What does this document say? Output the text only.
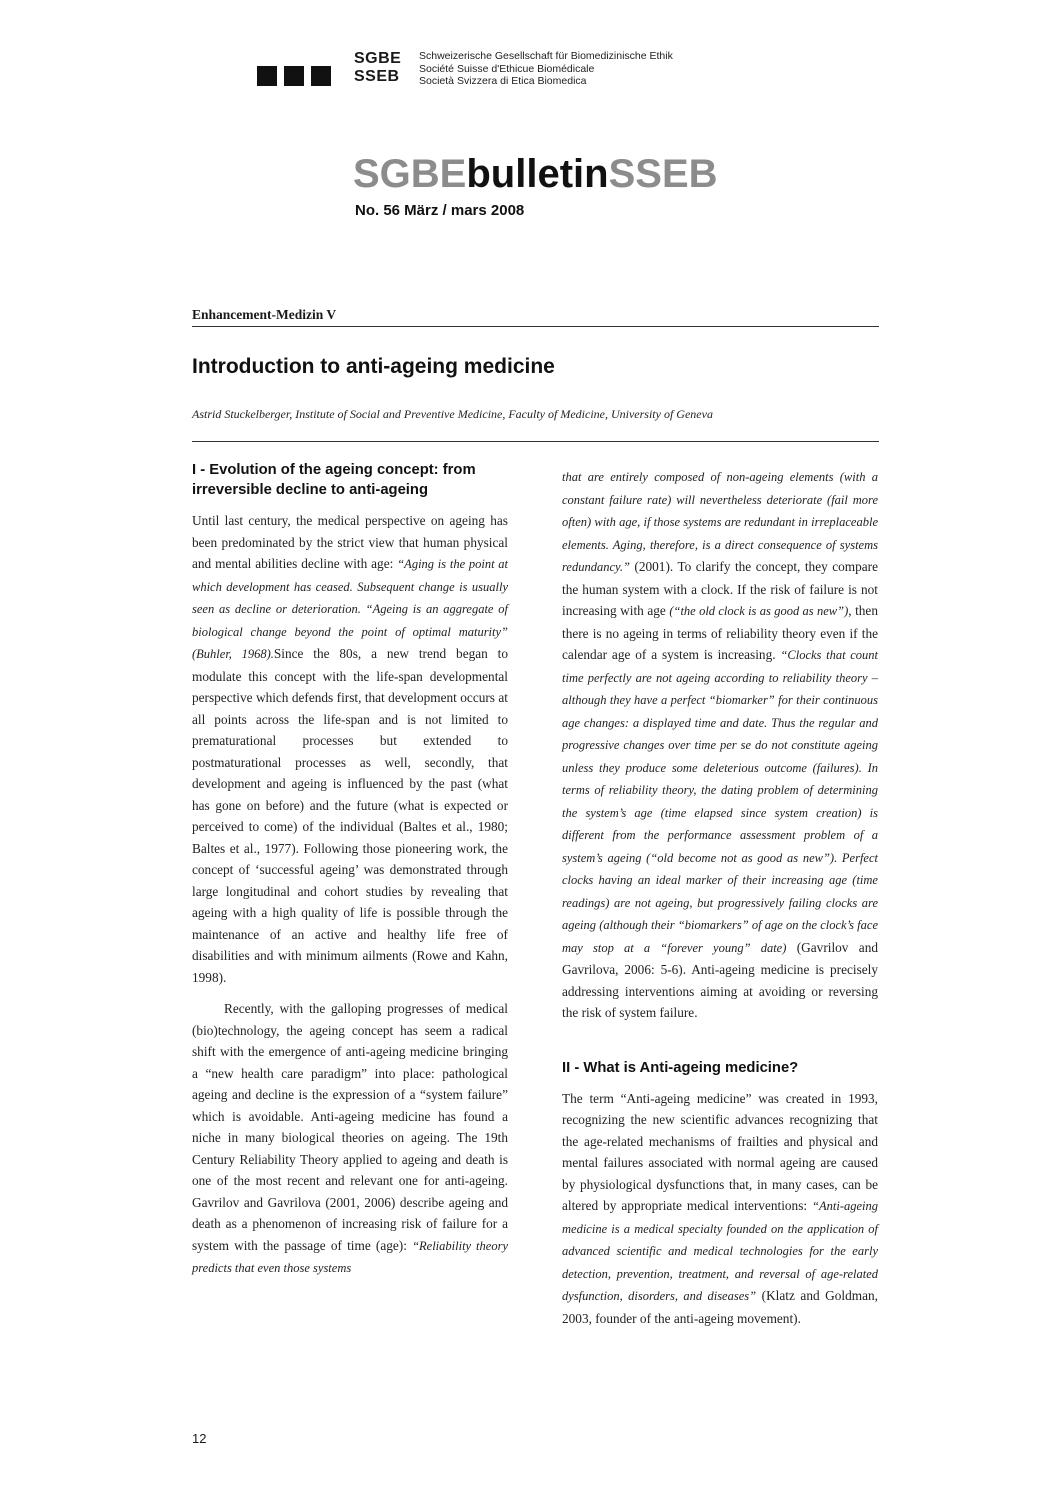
SGBE
SSEB
Schweizerische Gesellschaft für Biomedizinische Ethik
Société Suisse d'Ethicue Biomédicale
Società Svizzera di Etica Biomedica
SGBEbulletinSSEB
No. 56 März / mars 2008
Enhancement-Medizin V
Introduction to anti-ageing medicine
Astrid Stuckelberger, Institute of Social and Preventive Medicine, Faculty of Medicine, University of Geneva
I - Evolution of the ageing concept: from irreversible decline to anti-ageing

Until last century, the medical perspective on ageing has been predominated by the strict view that human physical and mental abilities decline with age: “Aging is the point at which development has ceased. Subsequent change is usually seen as decline or deterioration. “Ageing is an aggregate of biological change beyond the point of optimal maturity” (Buhler, 1968).Since the 80s, a new trend began to modulate this concept with the life-span developmental perspective which defends first, that development occurs at all points across the life-span and is not limited to prematurational processes but extended to postmaturational processes as well, secondly, that development and ageing is influenced by the past (what has gone on before) and the future (what is expected or perceived to come) of the individual (Baltes et al., 1980; Baltes et al., 1977). Following those pioneering work, the concept of ‘successful ageing’ was demonstrated through large longitudinal and cohort studies by revealing that ageing with a high quality of life is possible through the maintenance of an active and healthy life free of disabilities and with minimum ailments (Rowe and Kahn, 1998).

Recently, with the galloping progresses of medical (bio)technology, the ageing concept has seem a radical shift with the emergence of anti-ageing medicine bringing a “new health care paradigm” into place: pathological ageing and decline is the expression of a “system failure” which is avoidable. Anti-ageing medicine has found a niche in many biological theories on ageing. The 19th Century Reliability Theory applied to ageing and death is one of the most recent and relevant one for anti-ageing. Gavrilov and Gavrilova (2001, 2006) describe ageing and death as a phenomenon of increasing risk of failure for a system with the passage of time (age): “Reliability theory predicts that even those systems

that are entirely composed of non-ageing elements (with a constant failure rate) will nevertheless deteriorate (fail more often) with age, if those systems are redundant in irreplaceable elements. Aging, therefore, is a direct consequence of systems redundancy.” (2001). To clarify the concept, they compare the human system with a clock. If the risk of failure is not increasing with age (“the old clock is as good as new”), then there is no ageing in terms of reliability theory even if the calendar age of a system is increasing. “Clocks that count time perfectly are not ageing according to reliability theory – although they have a perfect “biomarker” for their continuous age changes: a displayed time and date. Thus the regular and progressive changes over time per se do not constitute ageing unless they produce some deleterious outcome (failures). In terms of reliability theory, the dating problem of determining the system’s age (time elapsed since system creation) is different from the performance assessment problem of a system’s ageing (“old become not as good as new”). Perfect clocks having an ideal marker of their increasing age (time readings) are not ageing, but progressively failing clocks are ageing (although their “biomarkers” of age on the clock’s face may stop at a “forever young” date) (Gavrilov and Gavrilova, 2006: 5-6). Anti-ageing medicine is precisely addressing interventions aiming at avoiding or reversing the risk of system failure.

II - What is Anti-ageing medicine?

The term “Anti-ageing medicine” was created in 1993, recognizing the new scientific advances recognizing that the age-related mechanisms of frailties and physical and mental failures associated with normal ageing are caused by physiological dysfunctions that, in many cases, can be altered by appropriate medical interventions: “Anti-ageing medicine is a medical specialty founded on the application of advanced scientific and medical technologies for the early detection, prevention, treatment, and reversal of age-related dysfunction, disorders, and diseases” (Klatz and Goldman, 2003, founder of the anti-ageing movement).

12
